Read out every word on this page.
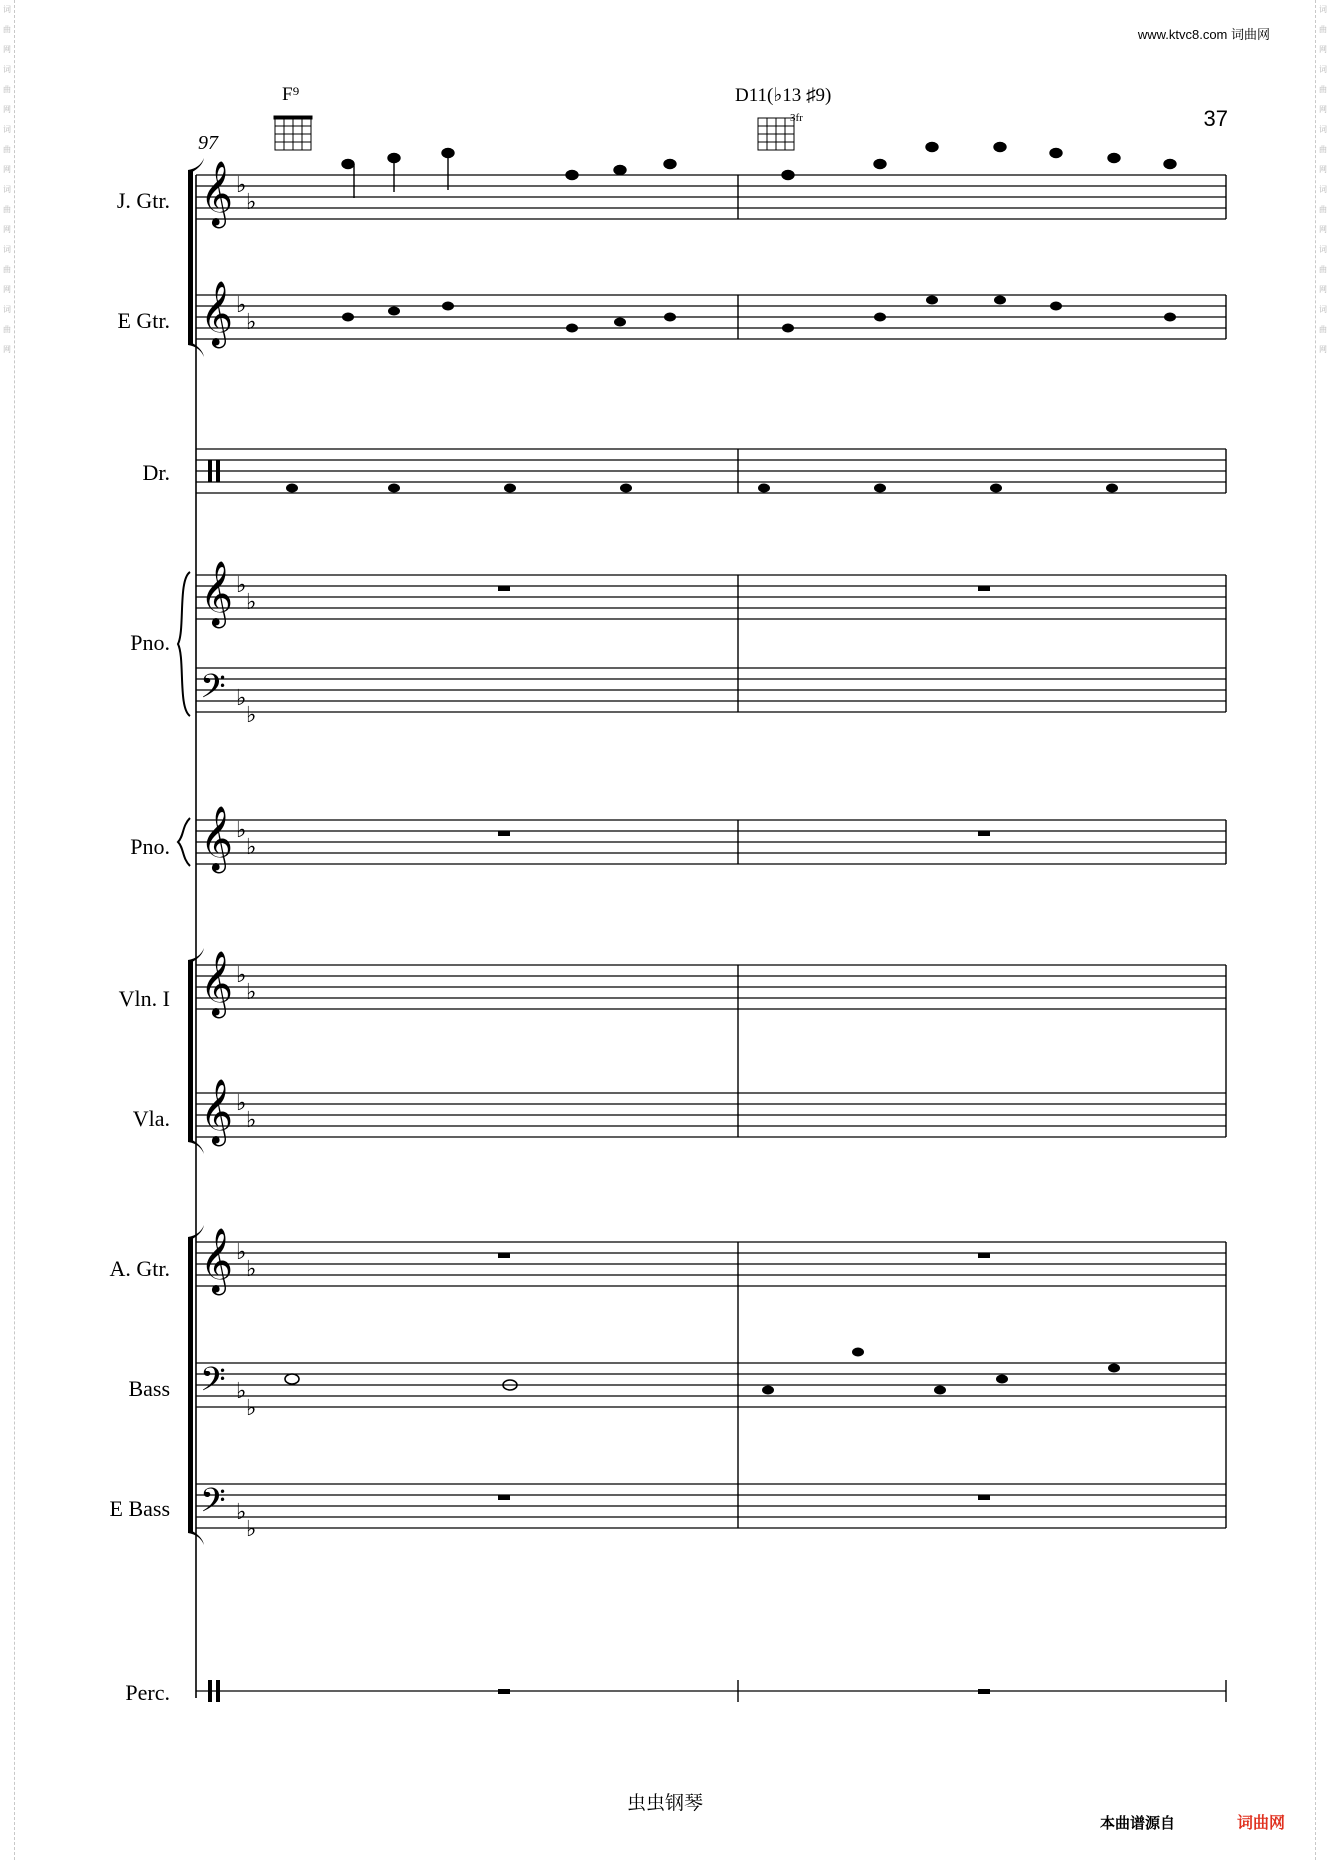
词曲网
词曲网
词曲网
词曲网
词曲网
词曲网
词曲网
词曲网
词曲网
词曲网
词曲网
词曲网
www.ktvc8.com 词曲网
37
97
F⁹	D11(♭13 ♯9)
3fr
J. Gtr.
E Gtr.
Dr.
Pno.
Pno.
Vln. I
Vla.
A. Gtr.
Bass
E Bass
Perc.
𝄞
𝄞
𝄞
𝄞
𝄞
𝄞
𝄞
𝄢
𝄢
𝄢
♭
♭
♭
♭
♭
♭
♭
♭
♭
♭
♭
♭
♭
♭
♭
♭
♭
♭
♭
♭
虫虫钢琴
本曲谱源自	词曲网
